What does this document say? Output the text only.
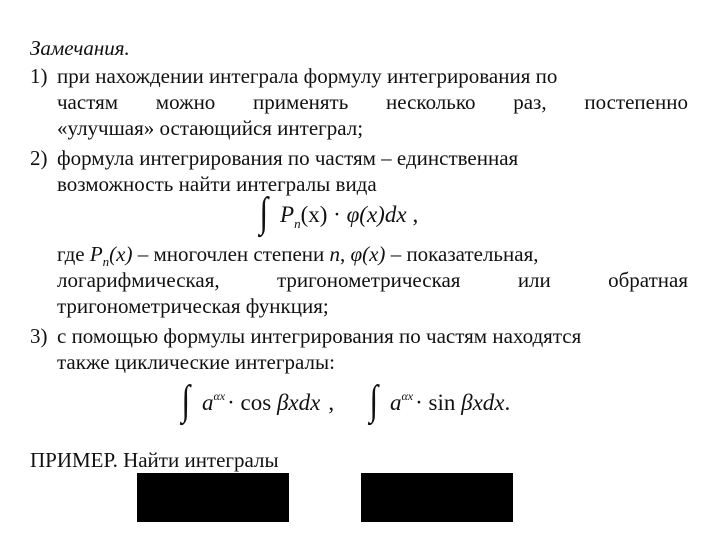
Замечания.
1) при нахождении интеграла формулу интегрирования по
частям можно применять несколько раз, постепенно
«улучшая» остающийся интеграл;
2) формула интегрирования по частям – единственная
возможность найти интегралы вида
∫ $P_n(x) \cdot \varphi(x)dx$ ,
где $P_n(x)$ – многочлен степени n, φ(x) – показательная,
логарифмическая,	тригонометрическая	или	обратная
тригонометрическая функция;
3) с помощью формулы интегрирования по частям находятся
также циклические интегралы:
∫ $a^{\alpha x}\cdot \cos \beta xdx$ , ∫ $a^{\alpha x}\cdot \sin \beta xdx$.
ПРИМЕР. Найти интегралы
